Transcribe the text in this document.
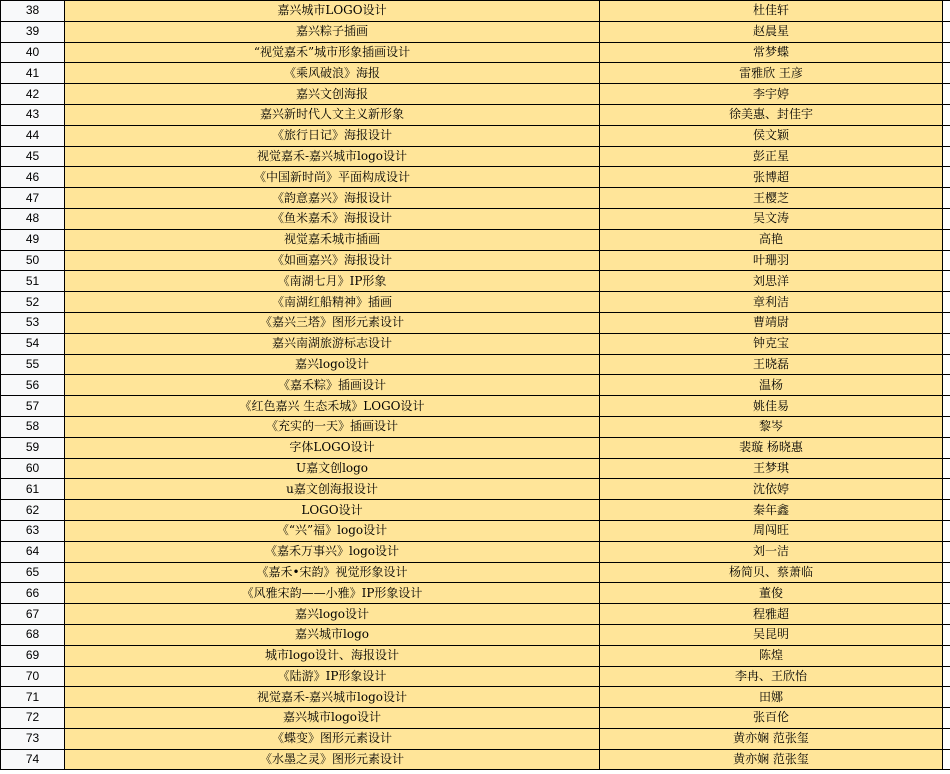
38	嘉兴城市LOGO设计	杜佳轩	
39	嘉兴粽子插画	赵晨星	
40	“视觉嘉禾”城市形象插画设计	常梦蝶	
41	《乘风破浪》海报	雷雅欣 王彦	
42	嘉兴文创海报	李宇婷	
43	嘉兴新时代人文主义新形象	徐美惠、封佳宇	
44	《旅行日记》海报设计	侯文颖	
45	视觉嘉禾-嘉兴城市logo设计	彭正星	
46	《中国新时尚》平面构成设计	张博超	
47	《韵意嘉兴》海报设计	王樱芝	
48	《鱼米嘉禾》海报设计	吴文涛	
49	视觉嘉禾城市插画	高艳	
50	《如画嘉兴》海报设计	叶珊羽	
51	《南湖七月》IP形象	刘思洋	
52	《南湖红船精神》插画	章利洁	
53	《嘉兴三塔》图形元素设计	曹靖尉	
54	嘉兴南湖旅游标志设计	钟克宝	
55	嘉兴logo设计	王晓磊	
56	《嘉禾粽》插画设计	温杨	
57	《红色嘉兴 生态禾城》LOGO设计	姚佳易	
58	《充实的一天》插画设计	黎岑	
59	字体LOGO设计	裴璇 杨晓惠	
60	U嘉文创logo	王梦琪	
61	u嘉文创海报设计	沈依婷	
62	LOGO设计	秦年鑫	
63	《“兴”福》logo设计	周闯旺	
64	《嘉禾万事兴》logo设计	刘一洁	
65	《嘉禾•宋韵》视觉形象设计	杨简贝、蔡萧临	
66	《风雅宋韵——小雅》IP形象设计	董俊	
67	嘉兴logo设计	程雅超	
68	嘉兴城市logo	吴昆明	
69	城市logo设计、海报设计	陈煌	
70	《陆游》IP形象设计	李冉、王欣怡	
71	视觉嘉禾-嘉兴城市logo设计	田娜	
72	嘉兴城市logo设计	张百伦	
73	《蝶变》图形元素设计	黄亦娴 范张玺	
74	《水墨之灵》图形元素设计	黄亦娴 范张玺	
